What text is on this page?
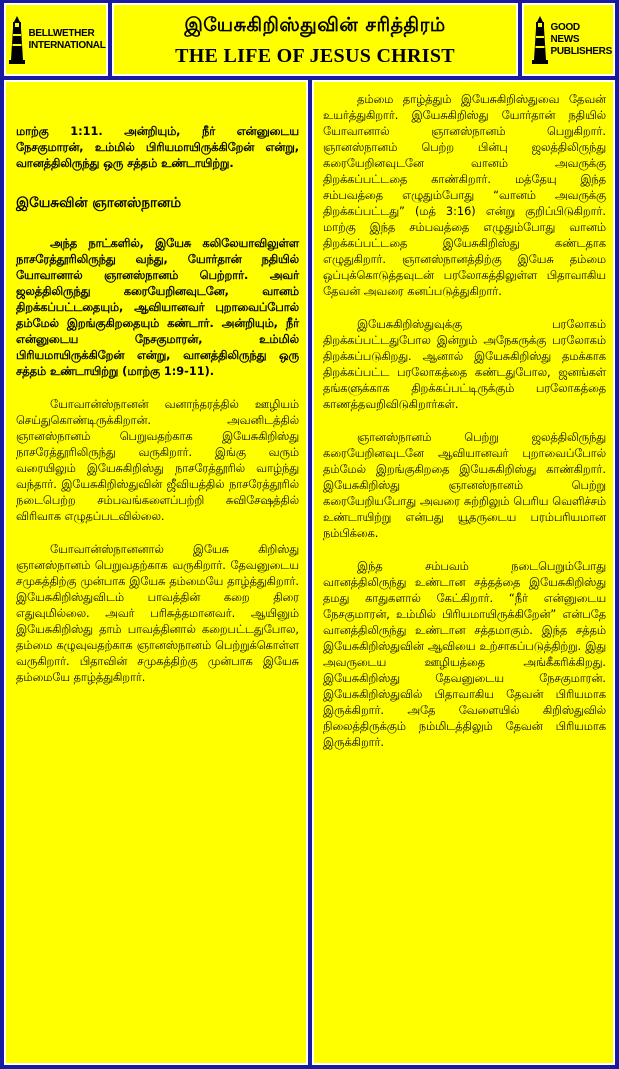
BELLWETHER INTERNATIONAL
இயேசுகிறிஸ்துவின் சரித்திரம்
THE LIFE OF JESUS CHRIST
GOOD NEWS PUBLISHERS

மாற்கு 1:11. அன்றியும், நீர் என்னுடைய நேசகுமாரன், உம்மில் பிரியமாயிருக்கிறேன் என்று, வானத்திலிருந்து ஒரு சத்தம் உண்டாயிற்று.

இயேசுவின் ஞானஸ்நானம்

அந்த நாட்களில், இயேசு கலிலேயாவிலுள்ள நாசரேத்தூரிலிருந்து வந்து, யோர்தான் நதியில் யோவானால் ஞானஸ்நானம் பெற்றார். அவர் ஜலத்திலிருந்து கரையேறினவுடனே, வானம் திறக்கப்பட்டதையும், ஆவியானவர் புறாவைப்போல் தம்மேல் இறங்குகிறதையும் கண்டார். அன்றியும், நீர் என்னுடைய நேசகுமாரன், உம்மில் பிரியமாயிருக்கிறேன் என்று, வானத்திலிருந்து ஒரு சத்தம் உண்டாயிற்று (மாற்கு 1:9-11).

யோவான்ஸ்நானன் வனாந்தரத்தில் ஊழியம் செய்துகொண்டிருக்கிறான். அவனிடத்தில் ஞானஸ்நானம் பெறுவதற்காக இயேசுகிறிஸ்து நாசரேத்தூரிலிருந்து வருகிறார். இங்கு வரும் வரையிலும் இயேசுகிறிஸ்து நாசரேத்தூரில் வாழ்ந்து வந்தார். இயேசுகிறிஸ்துவின் ஜீவியத்தில் நாசரேத்தூரில் நடைபெற்ற சம்பவங்களைப்பற்றி சுவிசேஷத்தில் விரிவாக எழுதப்படவில்லை.

யோவான்ஸ்நானனால் இயேசு கிறிஸ்து ஞானஸ்நானம் பெறுவதற்காக வருகிறார். தேவனுடைய சமுகத்திற்கு முன்பாக இயேசு தம்மையே தாழ்த்துகிறார். இயேசுகிறிஸ்துவிடம் பாவத்தின் கறை திரை எதுவுமில்லை. அவர் பரிசுத்தமானவர். ஆயினும் இயேசுகிறிஸ்து தாம் பாவத்தினால் கறைபட்டதுபோல, தம்மை கழுவுவதற்காக ஞானஸ்நானம் பெற்றுக்கொள்ள வருகிறார். பிதாவின் சமுகத்திற்கு முன்பாக இயேசு தம்மையே தாழ்த்துகிறார்.

தம்மை தாழ்த்தும் இயேசுகிறிஸ்துவை தேவன் உயர்த்துகிறார். இயேசுகிறிஸ்து யோர்தான் நதியில் யோவானால் ஞானஸ்நானம் பெறுகிறார். ஞானஸ்நானம் பெற்ற பின்பு ஜலத்திலிருந்து கரையேறினவுடனே வானம் அவருக்கு திறக்கப்பட்டதை காண்கிறார். மத்தேயு இந்த சம்பவத்தை எழுதும்போது “வானம் அவருக்கு திறக்கப்பட்டது” (மத் 3:16) என்று குறிப்பிடுகிறார். மாற்கு இந்த சம்பவத்தை எழுதும்போது வானம் திறக்கப்பட்டதை இயேசுகிறிஸ்து கண்டதாக எழுதுகிறார். ஞானஸ்நானத்திற்கு இயேசு தம்மை ஒப்புக்கொடுத்தவுடன் பரலோகத்திலுள்ள பிதாவாகிய தேவன் அவரை கனப்படுத்துகிறார்.

இயேசுகிறிஸ்துவுக்கு பரலோகம் திறக்கப்பட்டதுபோல இன்றும் அநேகருக்கு பரலோகம் திறக்கப்படுகிறது. ஆனால் இயேசுகிறிஸ்து தமக்காக திறக்கப்பட்ட பரலோகத்தை கண்டதுபோல, ஜனங்கள் தங்களுக்காக திறக்கப்பட்டிருக்கும் பரலோகத்தை காணத்தவறிவிடுகிறார்கள்.

ஞானஸ்நானம் பெற்று ஜலத்திலிருந்து கரையேறினவுடனே ஆவியானவர் புறாவைப்போல் தம்மேல் இறங்குகிறதை இயேசுகிறிஸ்து காண்கிறார். இயேசுகிறிஸ்து ஞானஸ்நானம் பெற்று கரையேறியபோது அவரை சுற்றிலும் பெரிய வெளிச்சம் உண்டாயிற்று என்பது யூதருடைய பரம்பரியமான நம்பிக்கை.

இந்த சம்பவம் நடைபெறும்போது வானத்திலிருந்து உண்டான சத்தத்தை இயேசுகிறிஸ்து தமது காதுகளால் கேட்கிறார். “நீர் என்னுடைய நேசகுமாரன், உம்மில் பிரியமாயிருக்கிறேன்” என்பதே வானத்திலிருந்து உண்டான சத்தமாகும். இந்த சத்தம் இயேசுகிறிஸ்துவின் ஆவியை உற்சாகப்படுத்திற்று. இது அவருடைய ஊழியத்தை அங்கீகரிக்கிறது. இயேசுகிறிஸ்து தேவனுடைய நேசகுமாரன். இயேசுகிறிஸ்துவில் பிதாவாகிய தேவன் பிரியமாக இருக்கிறார். அதே வேளையில் கிறிஸ்துவில் நிலைத்திருக்கும் நம்மிடத்திலும் தேவன் பிரியமாக இருக்கிறார்.
